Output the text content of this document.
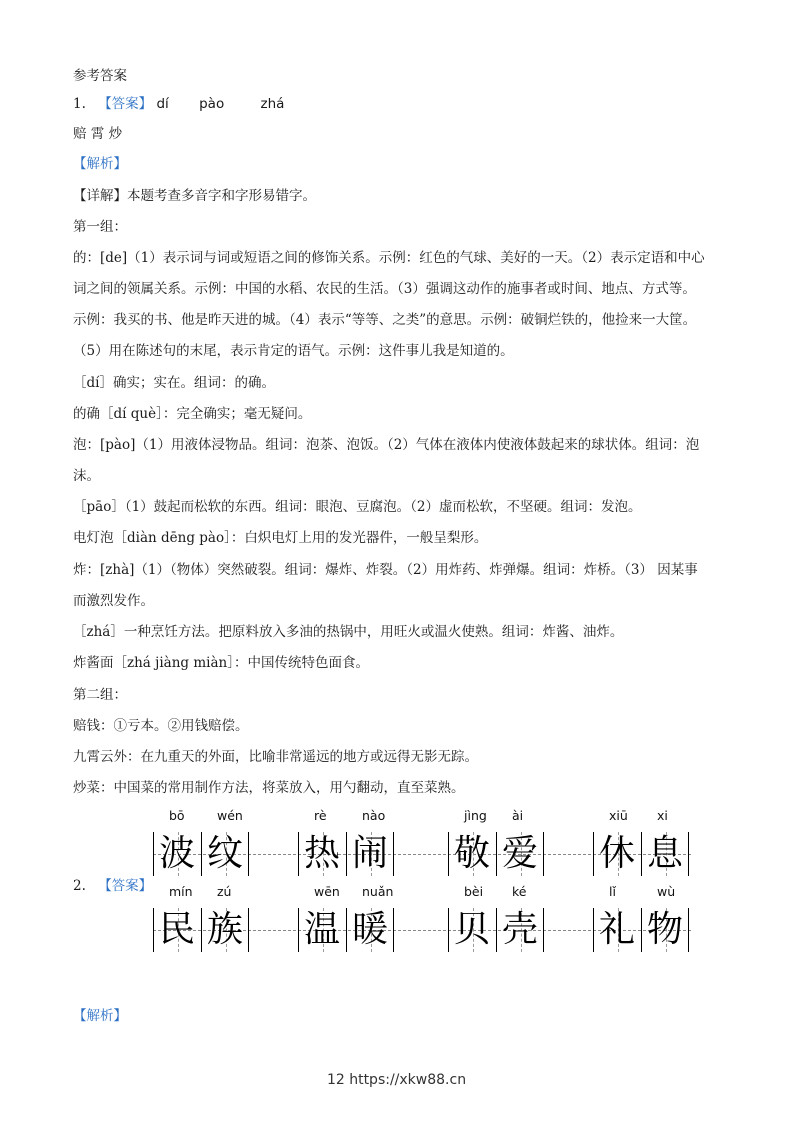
参考答案
1. 【答案】 dí pào	zhá
赔 霄 炒
【解析】
【详解】本题考查多音字和字形易错字。
第一组：
的：[de]（1）表示词与词或短语之间的修饰关系。示例：红色的气球、美好的一天。（2）表示定语和中心
词之间的领属关系。示例：中国的水稻、农民的生活。（3）强调这动作的施事者或时间、地点、方式等。
示例：我买的书、他是昨天进的城。（4）表示“等等、之类”的意思。示例：破铜烂铁的，他捡来一大筐。
（5）用在陈述句的末尾，表示肯定的语气。示例：这件事儿我是知道的。
［dí］确实；实在。组词：的确。
的确［dí què］：完全确实；毫无疑问。
泡：[pào]（1）用液体浸物品。组词：泡茶、泡饭。（2）气体在液体内使液体鼓起来的球状体。组词：泡
沫。
［pāo］（1）鼓起而松软的东西。组词：眼泡、豆腐泡。（2）虚而松软，不坚硬。组词：发泡。
电灯泡［diàn dēng pào］：白炽电灯上用的发光器件，一般呈梨形。
炸：[zhà]（1）（物体）突然破裂。组词：爆炸、炸裂。（2）用炸药、炸弹爆。组词：炸桥。（3） 因某事
而激烈发作。
［zhá］一种烹饪方法。把原料放入多油的热锅中，用旺火或温火使熟。组词：炸酱、油炸。
炸酱面［zhá jiàng miàn］：中国传统特色面食。
第二组：
赔钱：①亏本。②用钱赔偿。
九霄云外：在九重天的外面，比喻非常遥远的地方或远得无影无踪。
炒菜：中国菜的常用制作方法，将菜放入，用勺翻动，直至菜熟。
2. 【答案】
波 纹 热 闹 敬 爱 休 息
民 族 温 暖 贝 壳 礼 物
bō	wén	rè	nào	jìng ài	xiū xi
mín zú	wēn nuǎn	bèi ké	lǐ	wù
【解析】
12 https://xkw88.cn
